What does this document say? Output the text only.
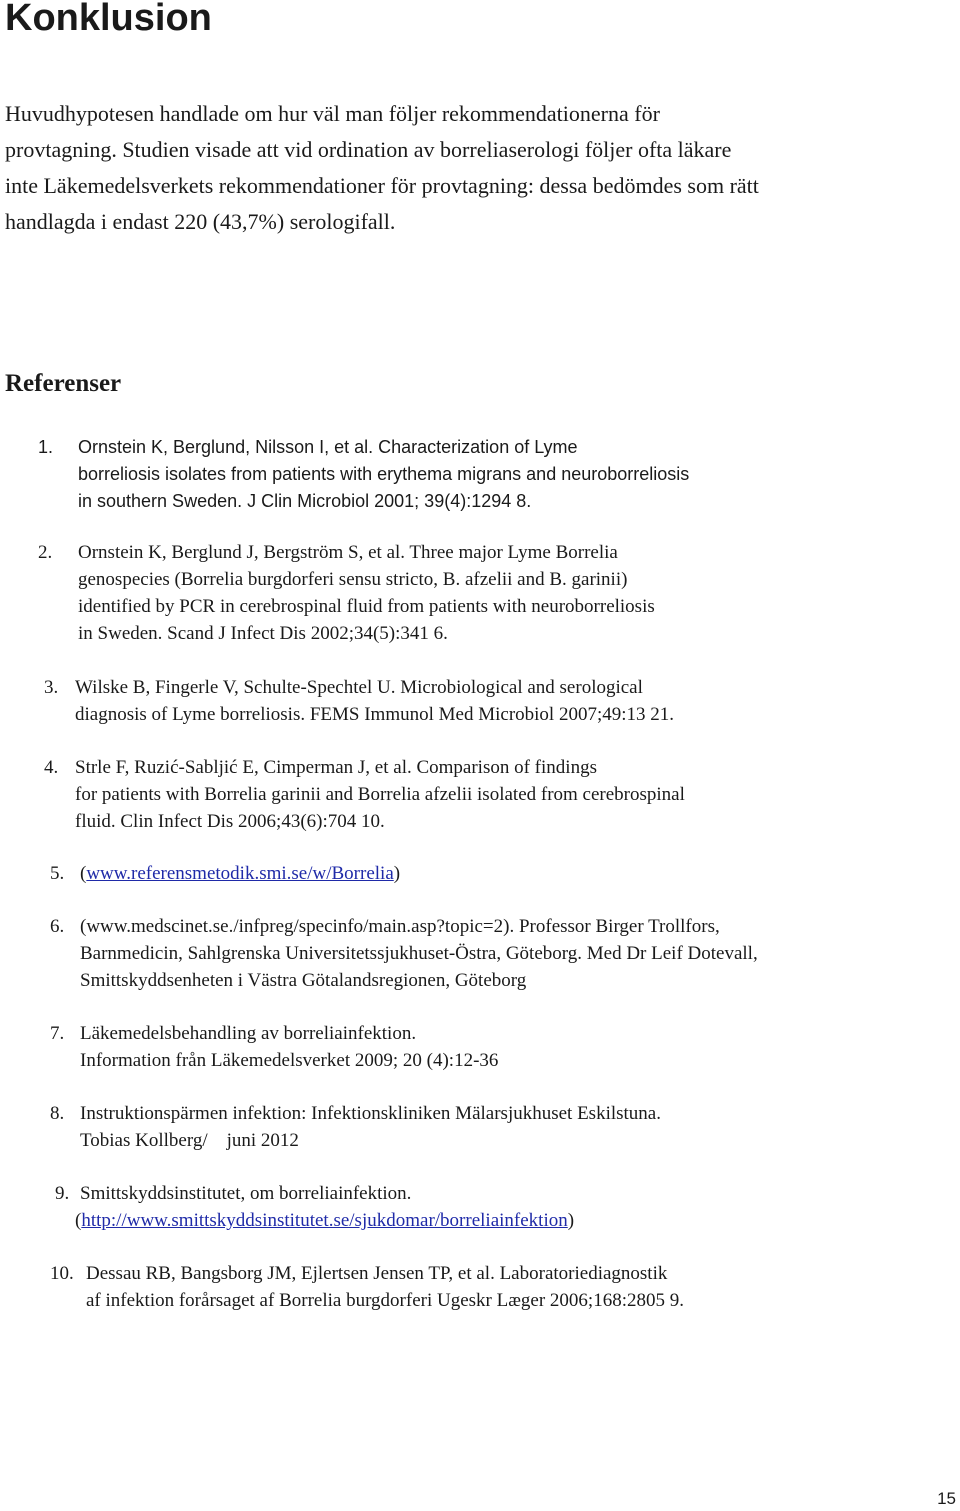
Konklusion

Huvudhypotesen handlade om hur väl man följer rekommendationerna för
provtagning. Studien visade att vid ordination av borreliaserologi följer ofta läkare
inte Läkemedelsverkets rekommendationer för provtagning: dessa bedömdes som rätt
handlagda i endast 220 (43,7%) serologifall.

Referenser
1. Ornstein K, Berglund, Nilsson I, et al. Characterization of Lyme
borreliosis isolates from patients with erythema migrans and neuroborreliosis
in southern Sweden. J Clin Microbiol 2001; 39(4):1294 8.
2. Ornstein K, Berglund J, Bergström S, et al. Three major Lyme Borrelia
genospecies (Borrelia burgdorferi sensu stricto, B. afzelii and B. garinii)
identified by PCR in cerebrospinal fluid from patients with neuroborreliosis
in Sweden. Scand J Infect Dis 2002;34(5):341 6.
3. Wilske B, Fingerle V, Schulte-Spechtel U. Microbiological and serological
diagnosis of Lyme borreliosis. FEMS Immunol Med Microbiol 2007;49:13 21.
4. Strle F, Ruzić-Sabljić E, Cimperman J, et al. Comparison of findings
for patients with Borrelia garinii and Borrelia afzelii isolated from cerebrospinal
fluid. Clin Infect Dis 2006;43(6):704 10.
5. (www.referensmetodik.smi.se/w/Borrelia)
6. (www.medscinet.se./infpreg/specinfo/main.asp?topic=2). Professor Birger Trollfors,
Barnmedicin, Sahlgrenska Universitetssjukhuset-Östra, Göteborg. Med Dr Leif Dotevall,
Smittskyddsenheten i Västra Götalandsregionen, Göteborg
7. Läkemedelsbehandling av borreliainfektion.
Information från Läkemedelsverket 2009; 20 (4):12-36
8. Instruktionspärmen infektion: Infektionskliniken Mälarsjukhuset Eskilstuna.
Tobias Kollberg/    juni 2012
9. Smittskyddsinstitutet, om borreliainfektion.
(http://www.smittskyddsinstitutet.se/sjukdomar/borreliainfektion)
10. Dessau RB, Bangsborg JM, Ejlertsen Jensen TP, et al. Laboratoriediagnostik
af infektion forårsaget af Borrelia burgdorferi Ugeskr Læger 2006;168:2805 9.
15
